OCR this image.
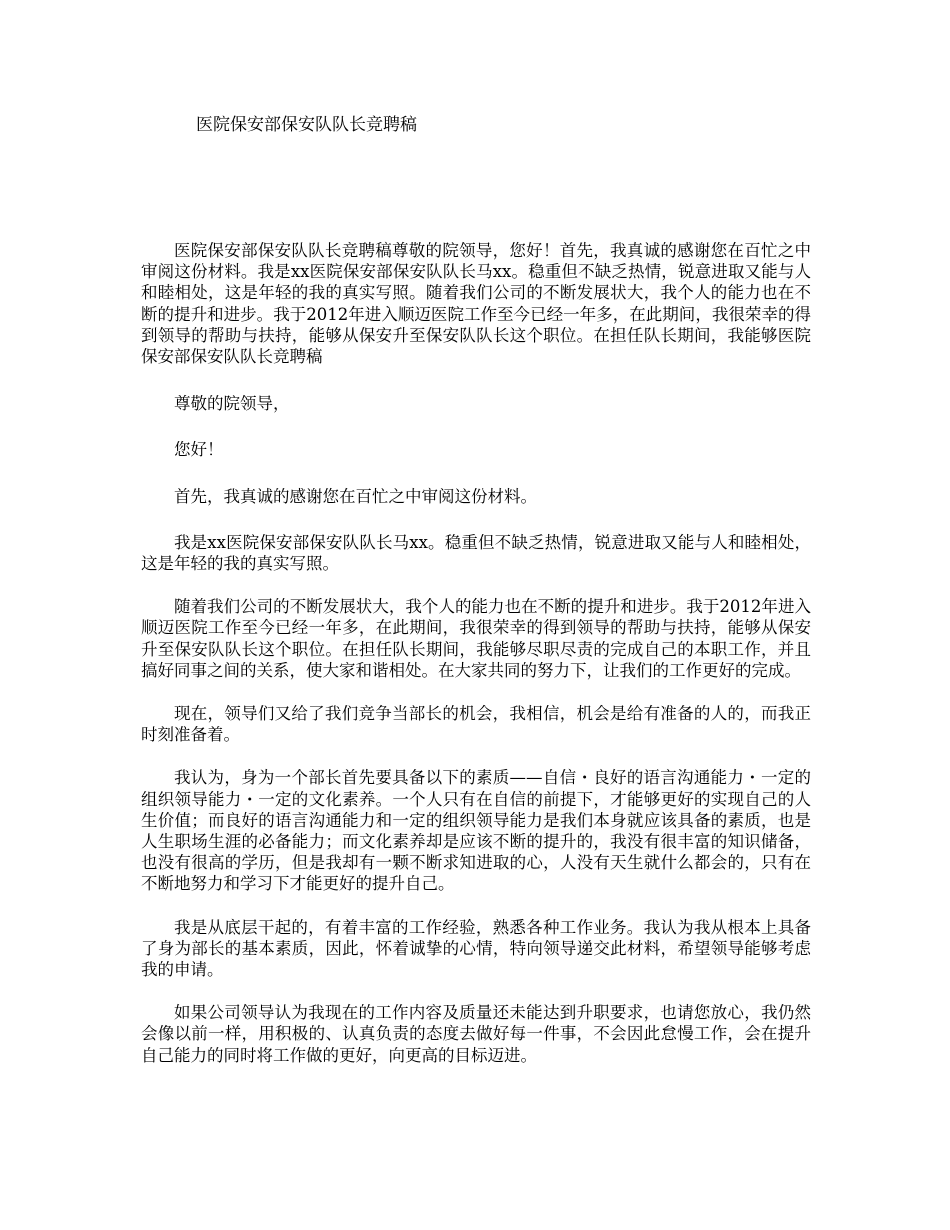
医院保安部保安队队长竞聘稿

医院保安部保安队队长竞聘稿尊敬的院领导，您好！首先，我真诚的感谢您在百忙之中审阅这份材料。我是xx医院保安部保安队队长马xx。稳重但不缺乏热情，锐意进取又能与人和睦相处，这是年轻的我的真实写照。随着我们公司的不断发展状大，我个人的能力也在不断的提升和进步。我于2012年进入顺迈医院工作至今已经一年多，在此期间，我很荣幸的得到领导的帮助与扶持，能够从保安升至保安队队长这个职位。在担任队长期间，我能够医院保安部保安队队长竞聘稿

尊敬的院领导，

您好！

首先，我真诚的感谢您在百忙之中审阅这份材料。

我是xx医院保安部保安队队长马xx。稳重但不缺乏热情，锐意进取又能与人和睦相处，这是年轻的我的真实写照。

随着我们公司的不断发展状大，我个人的能力也在不断的提升和进步。我于2012年进入顺迈医院工作至今已经一年多，在此期间，我很荣幸的得到领导的帮助与扶持，能够从保安升至保安队队长这个职位。在担任队长期间，我能够尽职尽责的完成自己的本职工作，并且搞好同事之间的关系，使大家和谐相处。在大家共同的努力下，让我们的工作更好的完成。

现在，领导们又给了我们竞争当部长的机会，我相信，机会是给有准备的人的，而我正时刻准备着。

我认为，身为一个部长首先要具备以下的素质——自信・良好的语言沟通能力・一定的组织领导能力・一定的文化素养。一个人只有在自信的前提下，才能够更好的实现自己的人生价值；而良好的语言沟通能力和一定的组织领导能力是我们本身就应该具备的素质，也是人生职场生涯的必备能力；而文化素养却是应该不断的提升的，我没有很丰富的知识储备，也没有很高的学历，但是我却有一颗不断求知进取的心，人没有天生就什么都会的，只有在不断地努力和学习下才能更好的提升自己。

我是从底层干起的，有着丰富的工作经验，熟悉各种工作业务。我认为我从根本上具备了身为部长的基本素质，因此，怀着诚挚的心情，特向领导递交此材料，希望领导能够考虑我的申请。

如果公司领导认为我现在的工作内容及质量还未能达到升职要求，也请您放心，我仍然会像以前一样，用积极的、认真负责的态度去做好每一件事，不会因此怠慢工作，会在提升自己能力的同时将工作做的更好，向更高的目标迈进。
